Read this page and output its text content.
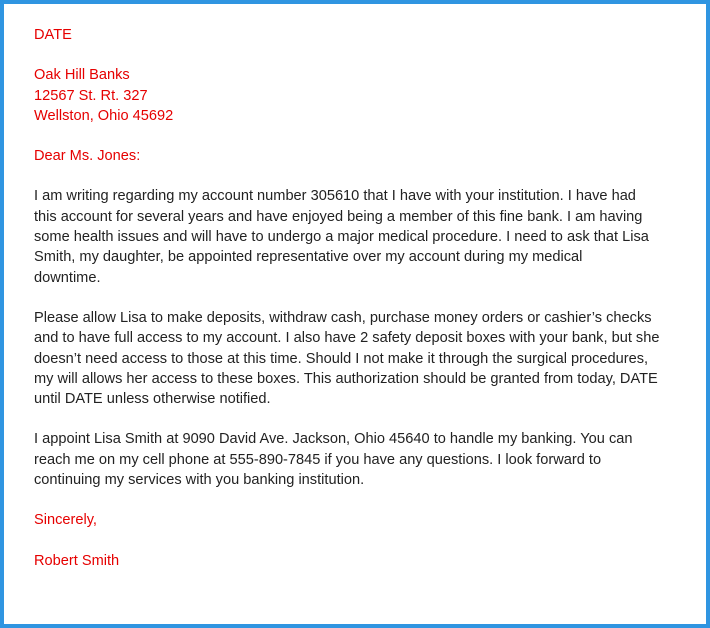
DATE
Oak Hill Banks
12567 St. Rt. 327
Wellston, Ohio 45692
Dear Ms. Jones:
I am writing regarding my account number 305610 that I have with your institution. I have had
this account for several years and have enjoyed being a member of this fine bank. I am having
some health issues and will have to undergo a major medical procedure. I need to ask that Lisa
Smith, my daughter, be appointed representative over my account during my medical
downtime.
Please allow Lisa to make deposits, withdraw cash, purchase money orders or cashier’s checks
and to have full access to my account. I also have 2 safety deposit boxes with your bank, but she
doesn’t need access to those at this time. Should I not make it through the surgical procedures,
my will allows her access to these boxes. This authorization should be granted from today, DATE
until DATE unless otherwise notified.
I appoint Lisa Smith at 9090 David Ave. Jackson, Ohio 45640 to handle my banking. You can
reach me on my cell phone at 555-890-7845 if you have any questions. I look forward to
continuing my services with you banking institution.
Sincerely,
Robert Smith
